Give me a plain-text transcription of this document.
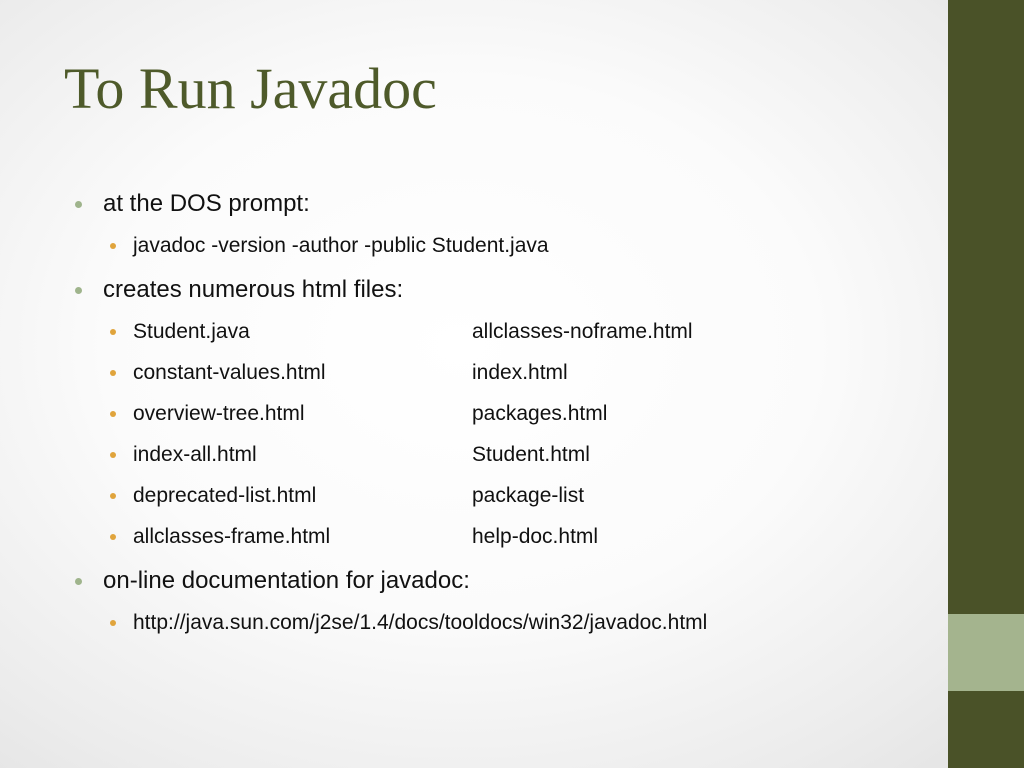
To Run Javadoc
at the DOS prompt:
javadoc -version -author -public Student.java
creates numerous html files:
Student.java	allclasses-noframe.html
constant-values.html	index.html
overview-tree.html	packages.html
index-all.html	Student.html
deprecated-list.html	package-list
allclasses-frame.html	help-doc.html
on-line documentation for javadoc:
http://java.sun.com/j2se/1.4/docs/tooldocs/win32/javadoc.html
